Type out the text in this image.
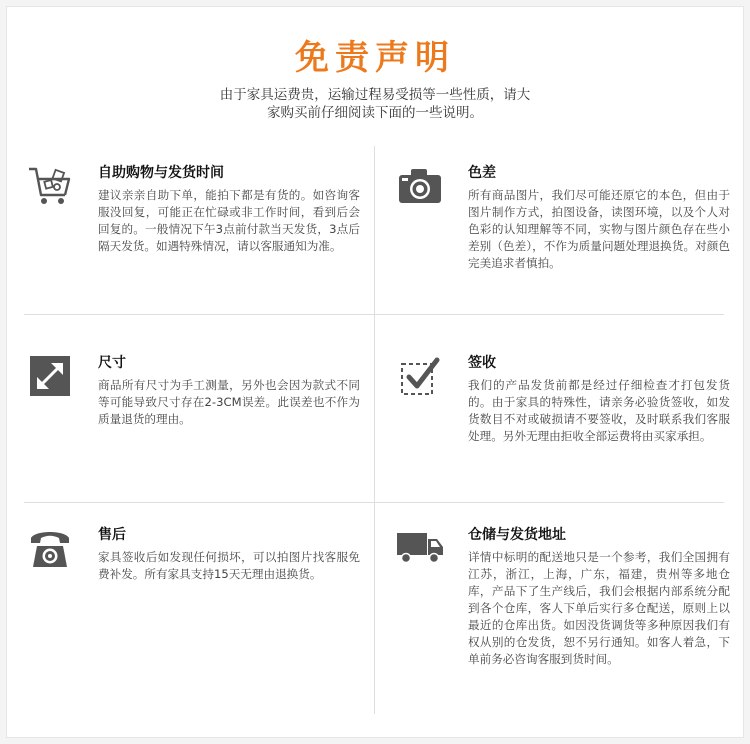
免责声明
由于家具运费贵，运输过程易受损等一些性质，请大
家购买前仔细阅读下面的一些说明。
自助购物与发货时间

建议亲亲自助下单，能拍下都是有货的。如咨询客服没回复，可能正在忙碌或非工作时间，看到后会回复的。一般情况下午3点前付款当天发货，3点后隔天发货。如遇特殊情况，请以客服通知为准。

色差

所有商品图片，我们尽可能还原它的本色，但由于图片制作方式，拍图设备，读图环境，以及个人对色彩的认知理解等不同，实物与图片颜色存在些小差别（色差），不作为质量问题处理退换货。对颜色完美追求者慎拍。

尺寸

商品所有尺寸为手工测量，另外也会因为款式不同等可能导致尺寸存在2-3CM误差。此误差也不作为质量退货的理由。

签收

我们的产品发货前都是经过仔细检查才打包发货的。由于家具的特殊性，请亲务必验货签收，如发货数目不对或破损请不要签收，及时联系我们客服处理。另外无理由拒收全部运费将由买家承担。

售后

家具签收后如发现任何损坏，可以拍图片找客服免费补发。所有家具支持15天无理由退换货。

仓储与发货地址

详情中标明的配送地只是一个参考，我们全国拥有江苏，浙江，上海，广东，福建，贵州等多地仓库，产品下了生产线后，我们会根据内部系统分配到各个仓库，客人下单后实行多仓配送，原则上以最近的仓库出货。如因没货调货等多种原因我们有权从别的仓发货，恕不另行通知。如客人着急，下单前务必咨询客服到货时间。
